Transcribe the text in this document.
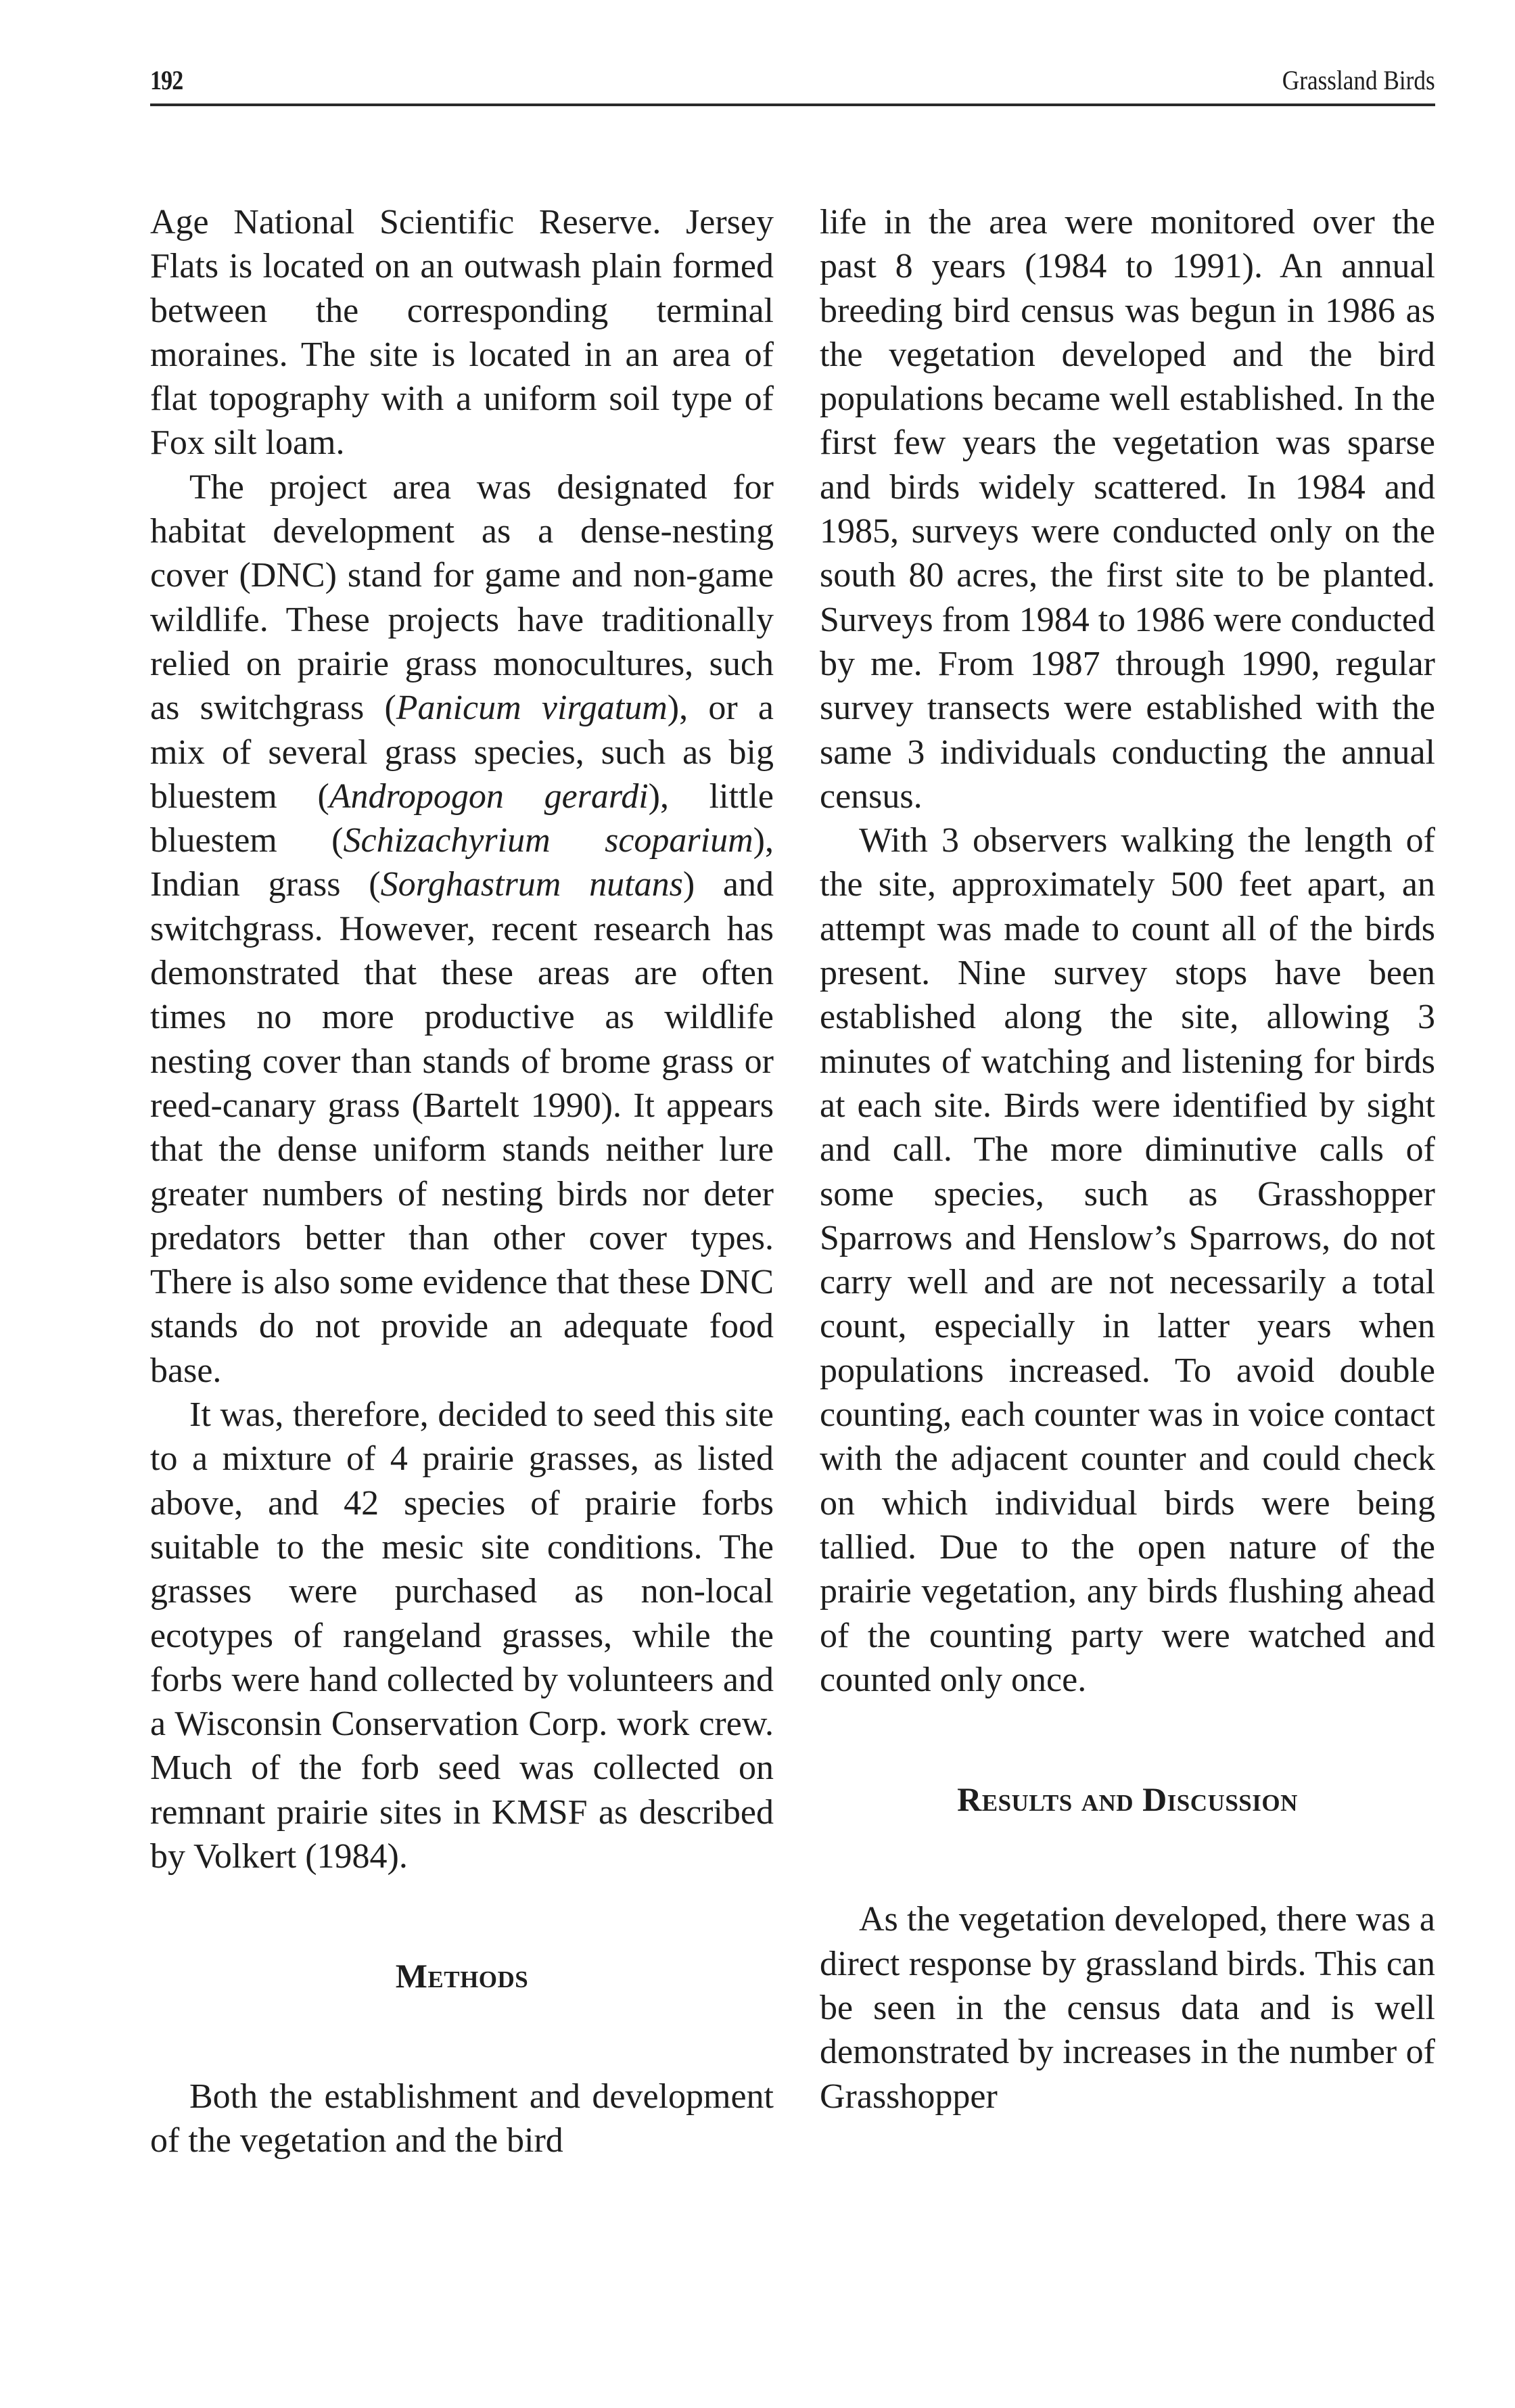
192	Grassland Birds

Age National Scientific Reserve. Jersey Flats is located on an outwash plain formed between the corresponding terminal moraines. The site is located in an area of flat topography with a uniform soil type of Fox silt loam.

The project area was designated for habitat development as a dense-nesting cover (DNC) stand for game and non-game wildlife. These projects have traditionally relied on prairie grass monocultures, such as switchgrass (Panicum virgatum), or a mix of several grass species, such as big bluestem (Andropogon gerardi), little bluestem (Schizachyrium scoparium), Indian grass (Sorghastrum nutans) and switchgrass. However, recent research has demonstrated that these areas are often times no more productive as wildlife nesting cover than stands of brome grass or reed-canary grass (Bartelt 1990). It appears that the dense uniform stands neither lure greater numbers of nesting birds nor deter predators better than other cover types. There is also some evidence that these DNC stands do not provide an adequate food base.

It was, therefore, decided to seed this site to a mixture of 4 prairie grasses, as listed above, and 42 species of prairie forbs suitable to the mesic site conditions. The grasses were purchased as non-local ecotypes of rangeland grasses, while the forbs were hand collected by volunteers and a Wisconsin Conservation Corp. work crew. Much of the forb seed was collected on remnant prairie sites in KMSF as described by Volkert (1984).

Methods

Both the establishment and development of the vegetation and the bird

life in the area were monitored over the past 8 years (1984 to 1991). An annual breeding bird census was begun in 1986 as the vegetation developed and the bird populations became well established. In the first few years the vegetation was sparse and birds widely scattered. In 1984 and 1985, surveys were conducted only on the south 80 acres, the first site to be planted. Surveys from 1984 to 1986 were conducted by me. From 1987 through 1990, regular survey transects were established with the same 3 individuals conducting the annual census.

With 3 observers walking the length of the site, approximately 500 feet apart, an attempt was made to count all of the birds present. Nine survey stops have been established along the site, allowing 3 minutes of watching and listening for birds at each site. Birds were identified by sight and call. The more diminutive calls of some species, such as Grasshopper Sparrows and Henslow’s Sparrows, do not carry well and are not necessarily a total count, especially in latter years when populations increased. To avoid double counting, each counter was in voice contact with the adjacent counter and could check on which individual birds were being tallied. Due to the open nature of the prairie vegetation, any birds flushing ahead of the counting party were watched and counted only once.

Results and Discussion

As the vegetation developed, there was a direct response by grassland birds. This can be seen in the census data and is well demonstrated by increases in the number of Grasshopper
